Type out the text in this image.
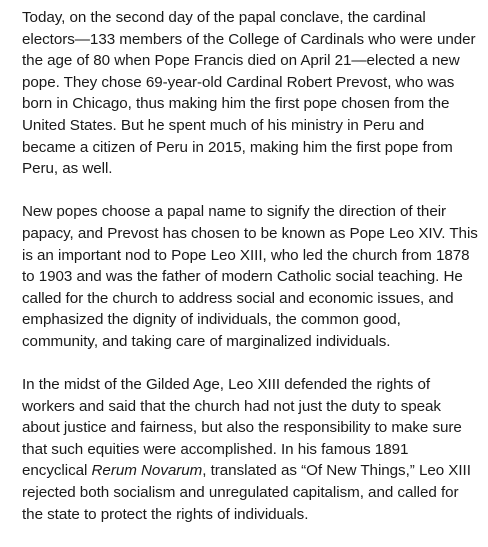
Today, on the second day of the papal conclave, the cardinal
electors—133 members of the College of Cardinals who were under
the age of 80 when Pope Francis died on April 21—elected a new
pope. They chose 69-year-old Cardinal Robert Prevost, who was
born in Chicago, thus making him the first pope chosen from the
United States. But he spent much of his ministry in Peru and
became a citizen of Peru in 2015, making him the first pope from
Peru, as well.

New popes choose a papal name to signify the direction of their
papacy, and Prevost has chosen to be known as Pope Leo XIV. This
is an important nod to Pope Leo XIII, who led the church from 1878
to 1903 and was the father of modern Catholic social teaching. He
called for the church to address social and economic issues, and
emphasized the dignity of individuals, the common good,
community, and taking care of marginalized individuals.

In the midst of the Gilded Age, Leo XIII defended the rights of
workers and said that the church had not just the duty to speak
about justice and fairness, but also the responsibility to make sure
that such equities were accomplished. In his famous 1891
encyclical Rerum Novarum, translated as “Of New Things,” Leo XIII
rejected both socialism and unregulated capitalism, and called for
the state to protect the rights of individuals.
